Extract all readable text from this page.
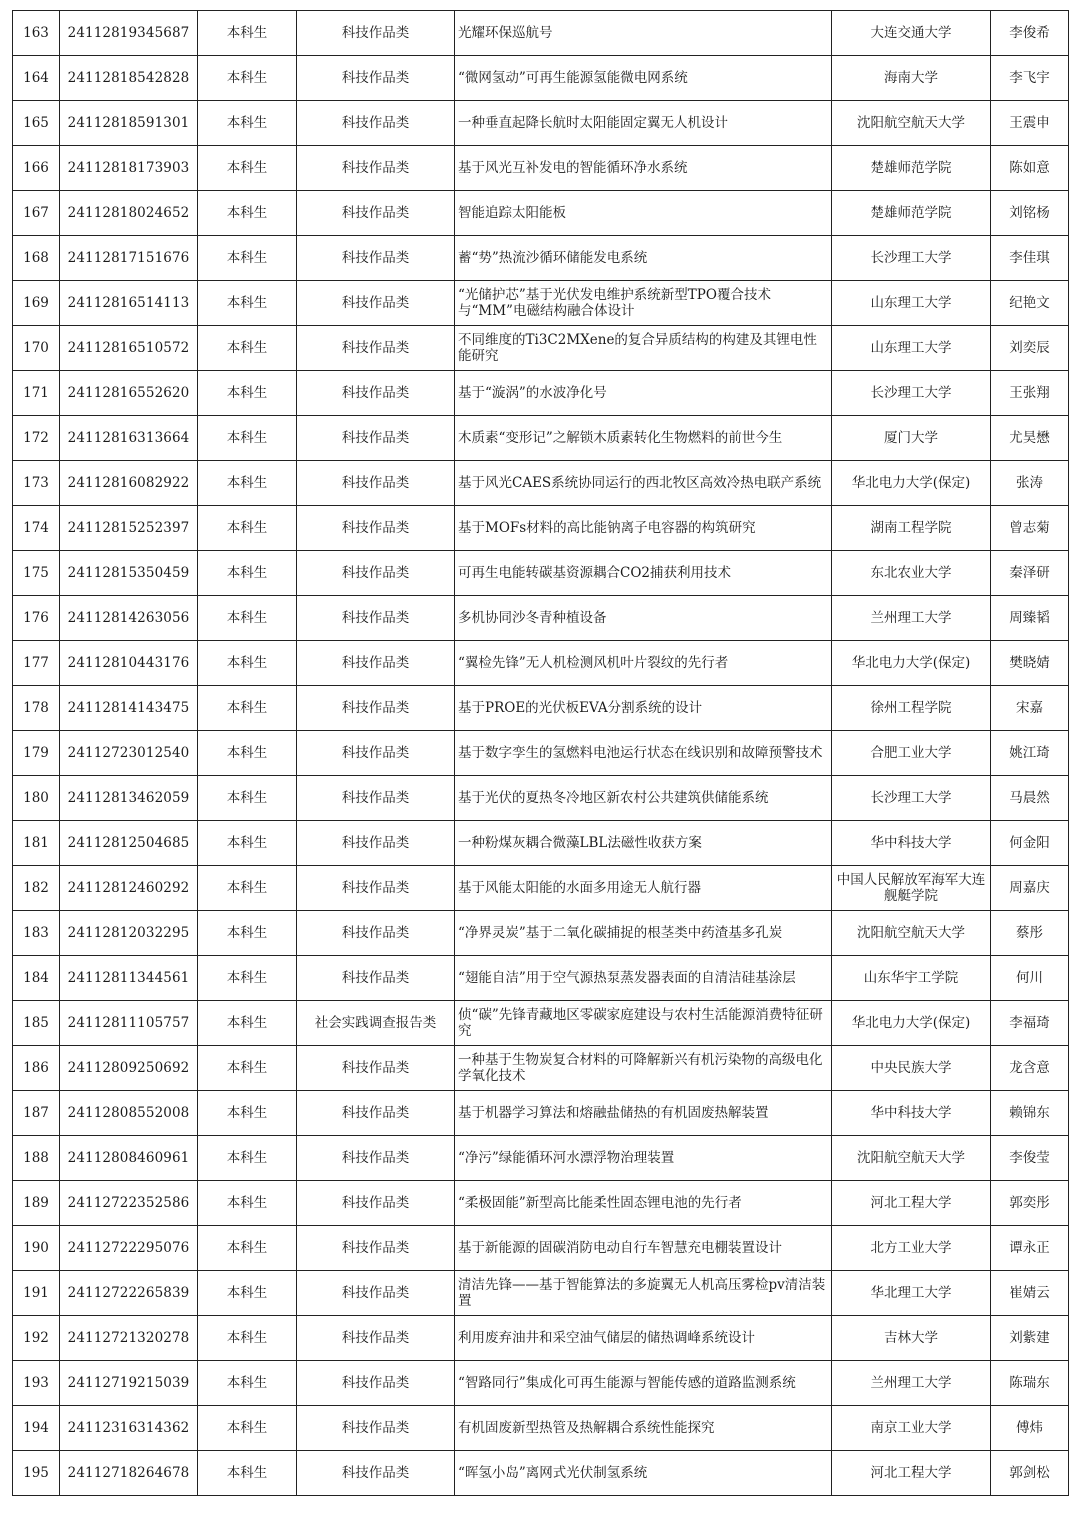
163	24112819345687	本科生	科技作品类	光耀环保巡航号	大连交通大学	李俊希
164	24112818542828	本科生	科技作品类	“微网氢动”可再生能源氢能微电网系统	海南大学	李飞宇
165	24112818591301	本科生	科技作品类	一种垂直起降长航时太阳能固定翼无人机设计	沈阳航空航天大学	王震申
166	24112818173903	本科生	科技作品类	基于风光互补发电的智能循环净水系统	楚雄师范学院	陈如意
167	24112818024652	本科生	科技作品类	智能追踪太阳能板	楚雄师范学院	刘铭杨
168	24112817151676	本科生	科技作品类	蓄“势”热流沙循环储能发电系统	长沙理工大学	李佳琪
169	24112816514113	本科生	科技作品类	“光储护芯”基于光伏发电维护系统新型TPO覆合技术与“MM”电磁结构融合体设计	山东理工大学	纪艳文
170	24112816510572	本科生	科技作品类	不同维度的Ti3C2MXene的复合异质结构的构建及其锂电性能研究	山东理工大学	刘奕辰
171	24112816552620	本科生	科技作品类	基于“漩涡”的水波净化号	长沙理工大学	王张翔
172	24112816313664	本科生	科技作品类	木质素“变形记”之解锁木质素转化生物燃料的前世今生	厦门大学	尤昊懋
173	24112816082922	本科生	科技作品类	基于风光CAES系统协同运行的西北牧区高效冷热电联产系统	华北电力大学(保定)	张涛
174	24112815252397	本科生	科技作品类	基于MOFs材料的高比能钠离子电容器的构筑研究	湖南工程学院	曾志菊
175	24112815350459	本科生	科技作品类	可再生电能转碳基资源耦合CO2捕获利用技术	东北农业大学	秦泽研
176	24112814263056	本科生	科技作品类	多机协同沙冬青种植设备	兰州理工大学	周臻韬
177	24112810443176	本科生	科技作品类	“翼检先锋”无人机检测风机叶片裂纹的先行者	华北电力大学(保定)	樊晓婧
178	24112814143475	本科生	科技作品类	基于PROE的光伏板EVA分割系统的设计	徐州工程学院	宋嘉
179	24112723012540	本科生	科技作品类	基于数字孪生的氢燃料电池运行状态在线识别和故障预警技术	合肥工业大学	姚江琦
180	24112813462059	本科生	科技作品类	基于光伏的夏热冬冷地区新农村公共建筑供储能系统	长沙理工大学	马晨然
181	24112812504685	本科生	科技作品类	一种粉煤灰耦合微藻LBL法磁性收获方案	华中科技大学	何金阳
182	24112812460292	本科生	科技作品类	基于风能太阳能的水面多用途无人航行器	中国人民解放军海军大连舰艇学院	周嘉庆
183	24112812032295	本科生	科技作品类	“净界灵炭”基于二氧化碳捕捉的根茎类中药渣基多孔炭	沈阳航空航天大学	蔡彤
184	24112811344561	本科生	科技作品类	“翅能自洁”用于空气源热泵蒸发器表面的自清洁硅基涂层	山东华宇工学院	何川
185	24112811105757	本科生	社会实践调查报告类	侦“碳”先锋青藏地区零碳家庭建设与农村生活能源消费特征研究	华北电力大学(保定)	李福琦
186	24112809250692	本科生	科技作品类	一种基于生物炭复合材料的可降解新兴有机污染物的高级电化学氧化技术	中央民族大学	龙含意
187	24112808552008	本科生	科技作品类	基于机器学习算法和熔融盐储热的有机固废热解装置	华中科技大学	赖锦东
188	24112808460961	本科生	科技作品类	“净污”绿能循环河水漂浮物治理装置	沈阳航空航天大学	李俊莹
189	24112722352586	本科生	科技作品类	“柔极固能”新型高比能柔性固态锂电池的先行者	河北工程大学	郭奕彤
190	24112722295076	本科生	科技作品类	基于新能源的固碳消防电动自行车智慧充电棚装置设计	北方工业大学	谭永正
191	24112722265839	本科生	科技作品类	清洁先锋——基于智能算法的多旋翼无人机高压雾检pv清洁装置	华北理工大学	崔婧云
192	24112721320278	本科生	科技作品类	利用废弃油井和采空油气储层的储热调峰系统设计	吉林大学	刘紫建
193	24112719215039	本科生	科技作品类	“智路同行”集成化可再生能源与智能传感的道路监测系统	兰州理工大学	陈瑞东
194	24112316314362	本科生	科技作品类	有机固废新型热管及热解耦合系统性能探究	南京工业大学	傅炜
195	24112718264678	本科生	科技作品类	“晖氢小岛”离网式光伏制氢系统	河北工程大学	郭剑松
